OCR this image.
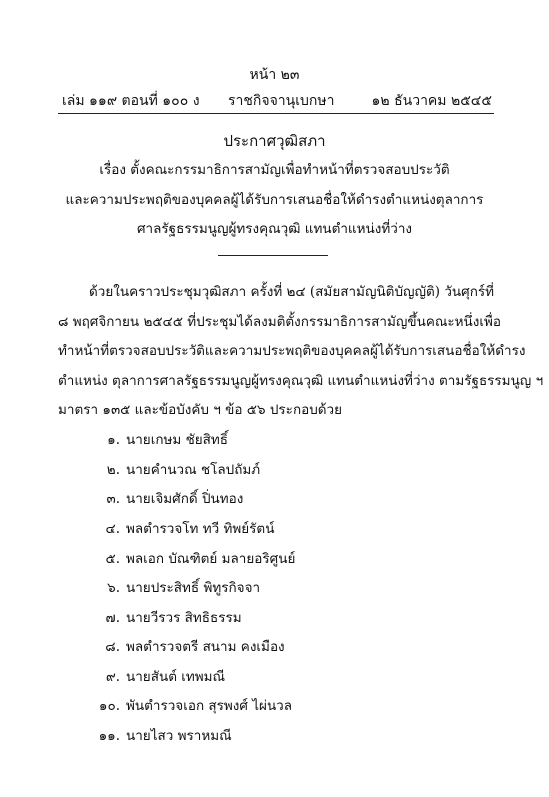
หน้า ๒๓
เล่ม ๑๑๙ ตอนที่ ๑๐๐ ง ราชกิจจานุเบกษา	๑๒ ธันวาคม ๒๕๔๕
ประกาศวุฒิสภา
เรื่อง ตั้งคณะกรรมาธิการสามัญเพื่อทำหน้าที่ตรวจสอบประวัติ
และความประพฤติของบุคคลผู้ได้รับการเสนอชื่อให้ดำรงตำแหน่งตุลาการ
ศาลรัฐธรรมนูญผู้ทรงคุณวุฒิ แทนตำแหน่งที่ว่าง
ด้วยในคราวประชุมวุฒิสภา ครั้งที่ ๒๔ (สมัยสามัญนิติบัญญัติ) วันศุกร์ที่
๘ พฤศจิกายน ๒๕๔๕ ที่ประชุมได้ลงมติตั้งกรรมาธิการสามัญขึ้นคณะหนึ่งเพื่อ
ทำหน้าที่ตรวจสอบประวัติและความประพฤติของบุคคลผู้ได้รับการเสนอชื่อให้ดำรง
ตำแหน่ง ตุลาการศาลรัฐธรรมนูญผู้ทรงคุณวุฒิ แทนตำแหน่งที่ว่าง ตามรัฐธรรมนูญ ฯ
มาตรา ๑๓๕ และข้อบังคับ ฯ ข้อ ๕๖ ประกอบด้วย
๑. นายเกษม ชัยสิทธิ์
๒. นายคำนวณ ชโลปถัมภ์
๓. นายเจิมศักดิ์ ปิ่นทอง
๔. พลตำรวจโท ทวี ทิพย์รัตน์
๕. พลเอก บัณฑิตย์ มลายอริศูนย์
๖. นายประสิทธิ์ พิทูรกิจจา
๗. นายวีรวร สิทธิธรรม
๘. พลตำรวจตรี สนาม คงเมือง
๙. นายสันต์ เทพมณี
๑๐. พันตำรวจเอก สุรพงศ์ ไผ่นวล
๑๑. นายไสว พราหมณี
